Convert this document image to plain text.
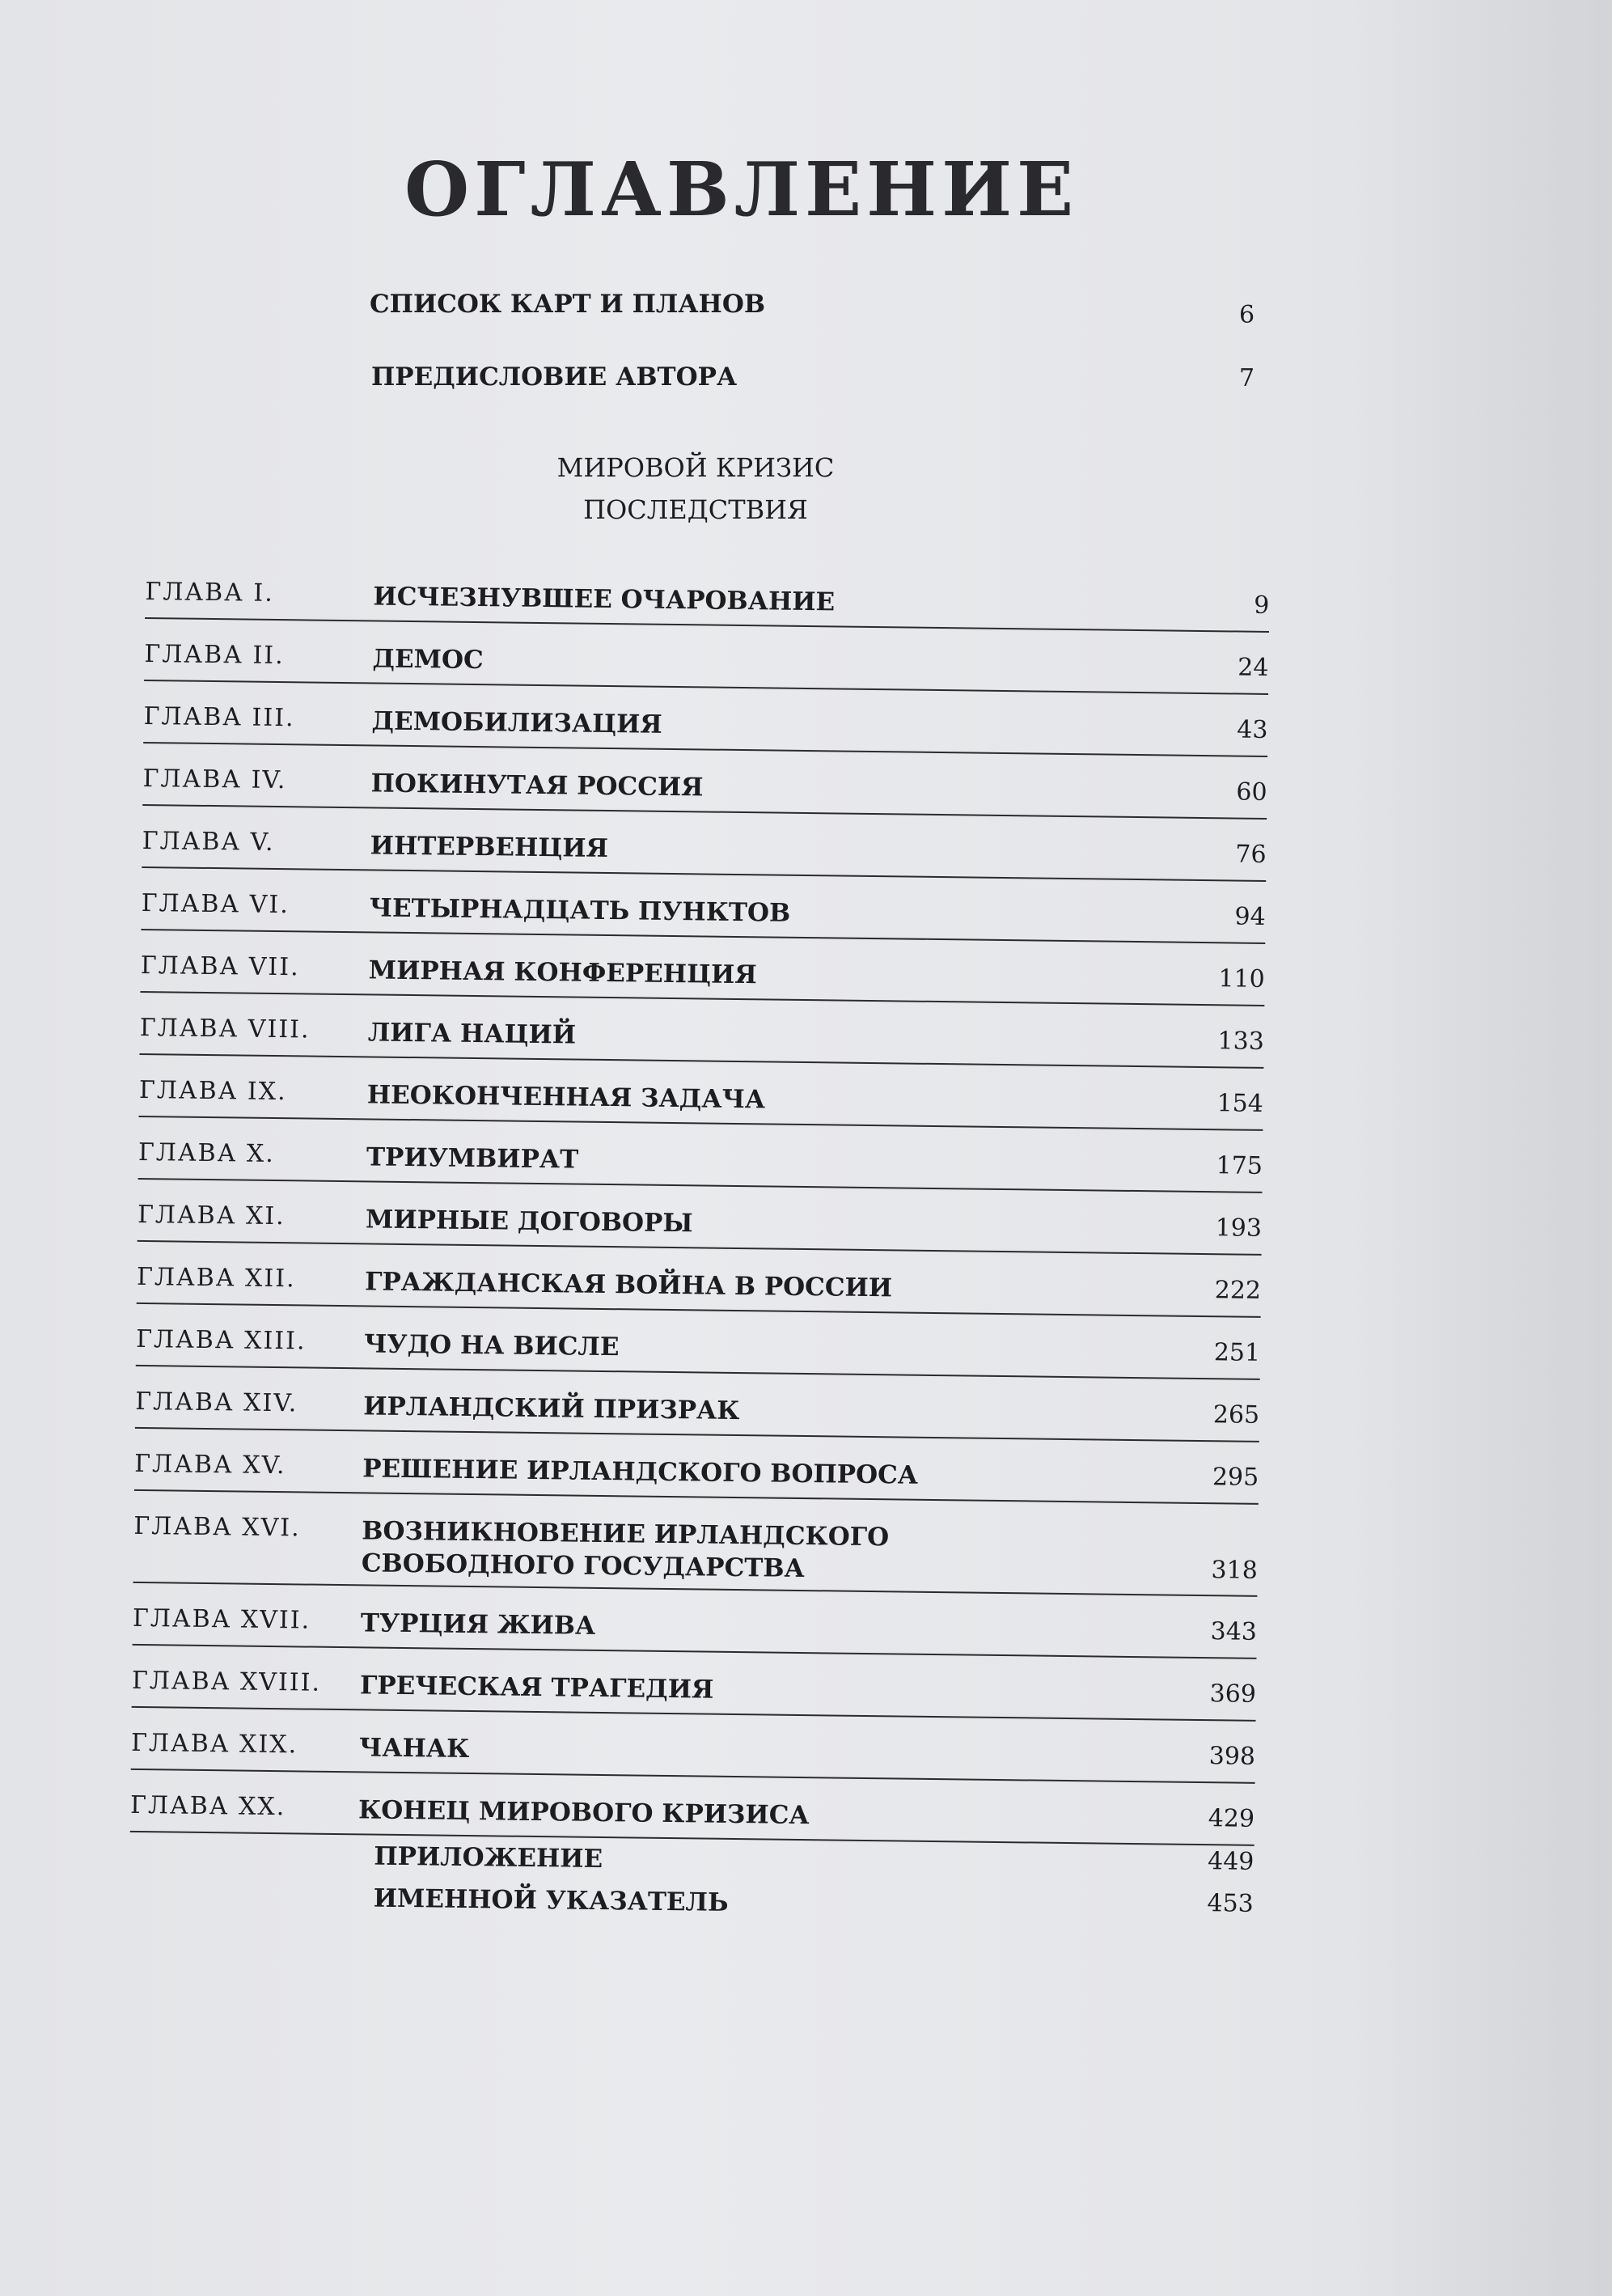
ОГЛАВЛЕНИЕ
СПИСОК КАРТ И ПЛАНОВ	6
ПРЕДИСЛОВИЕ АВТОРА	7
МИРОВОЙ КРИЗИС
ПОСЛЕДСТВИЯ
ГЛАВА I.	ИСЧЕЗНУВШЕЕ ОЧАРОВАНИЕ	9
ГЛАВА II.	ДЕМОС	24
ГЛАВА III.	ДЕМОБИЛИЗАЦИЯ	43
ГЛАВА IV.	ПОКИНУТАЯ РОССИЯ	60
ГЛАВА V.	ИНТЕРВЕНЦИЯ	76
ГЛАВА VI.	ЧЕТЫРНАДЦАТЬ ПУНКТОВ	94
ГЛАВА VII.	МИРНАЯ КОНФЕРЕНЦИЯ	110
ГЛАВА VIII. ЛИГА НАЦИЙ	133
ГЛАВА IX.	НЕОКОНЧЕННАЯ ЗАДАЧА	154
ГЛАВА X.	ТРИУМВИРАТ	175
ГЛАВА XI.	МИРНЫЕ ДОГОВОРЫ	193
ГЛАВА XII.	ГРАЖДАНСКАЯ ВОЙНА В РОССИИ	222
ГЛАВА XIII. ЧУДО НА ВИСЛЕ	251
ГЛАВА XIV.	ИРЛАНДСКИЙ ПРИЗРАК	265
ГЛАВА XV.	РЕШЕНИЕ ИРЛАНДСКОГО ВОПРОСА	295
ГЛАВА XVI. ВОЗНИКНОВЕНИЕ ИРЛАНДСКОГО
СВОБОДНОГО ГОСУДАРСТВА	318
ГЛАВА XVII. ТУРЦИЯ ЖИВА	343
ГЛАВА XVIII. ГРЕЧЕСКАЯ ТРАГЕДИЯ	369
ГЛАВА XIX. ЧАНАК	398
ГЛАВА XX.	КОНЕЦ МИРОВОГО КРИЗИСА	429
ПРИЛОЖЕНИЕ	449
ИМЕННОЙ УКАЗАТЕЛЬ	453
